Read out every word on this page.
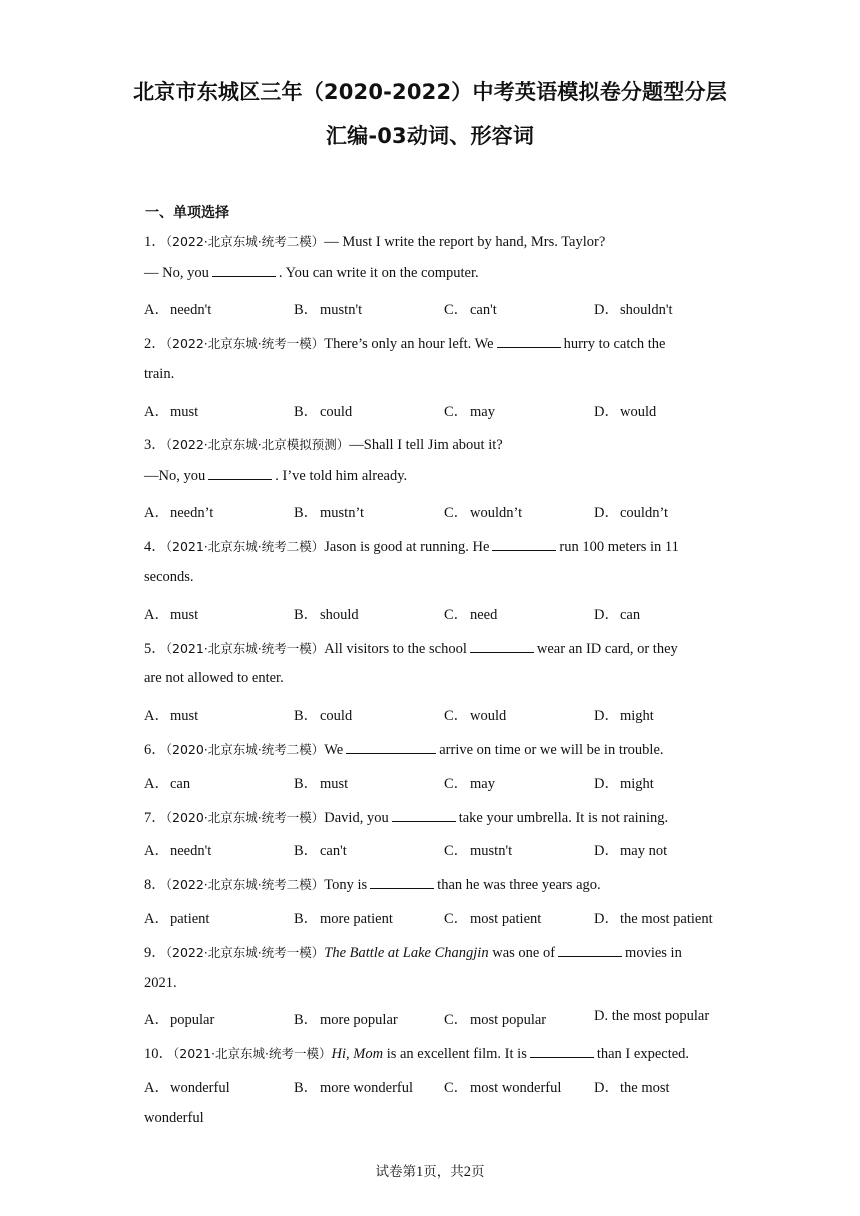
北京市东城区三年（2020-2022）中考英语模拟卷分题型分层
汇编-03动词、形容词
一、单项选择
1．（2022·北京东城·统考二模）— Must I write the report by hand, Mrs. Taylor?
— No, you	. You can write it on the computer.
A．needn't	B． mustn't	C． can't	D．shouldn't
2．（2022·北京东城·统考一模）There’s only an hour left. We	hurry to catch the
train.
A．must	B． could	C． may	D．would
3．（2022·北京东城·北京模拟预测）—Shall I tell Jim about it?
—No, you	. I’ve told him already.
A．needn’t	B． mustn’t	C． wouldn’t	D．couldn’t
4．（2021·北京东城·统考二模）Jason is good at running. He	run 100 meters in 11
seconds.
A．must	B． should	C． need	D．can
5．（2021·北京东城·统考一模）All visitors to the school	wear an ID card, or they
are not allowed to enter.
A．must	B． could	C． would	D．might
6．（2020·北京东城·统考二模）We	arrive on time or we will be in trouble.
A．can	B． must	C． may	D．might
7．（2020·北京东城·统考一模）David, you	take your umbrella. It is not raining.
A．needn't	B． can't	C． mustn't	D．may not
8．（2022·北京东城·统考二模）Tony is	than he was three years ago.
A．patient	B． more patient	C． most patient	D．the most patient
9．（2022·北京东城·统考一模）The Battle at Lake Changjin was one of	movies in
2021.
A．popular	B． more popular	C． most popular	D. the most popular
10．（2021·北京东城·统考一模）Hi, Mom is an excellent film. It is	than I expected.
A．wonderful	B． more wonderful C． most wonderful D．the most
wonderful
试卷第1页，共2页
